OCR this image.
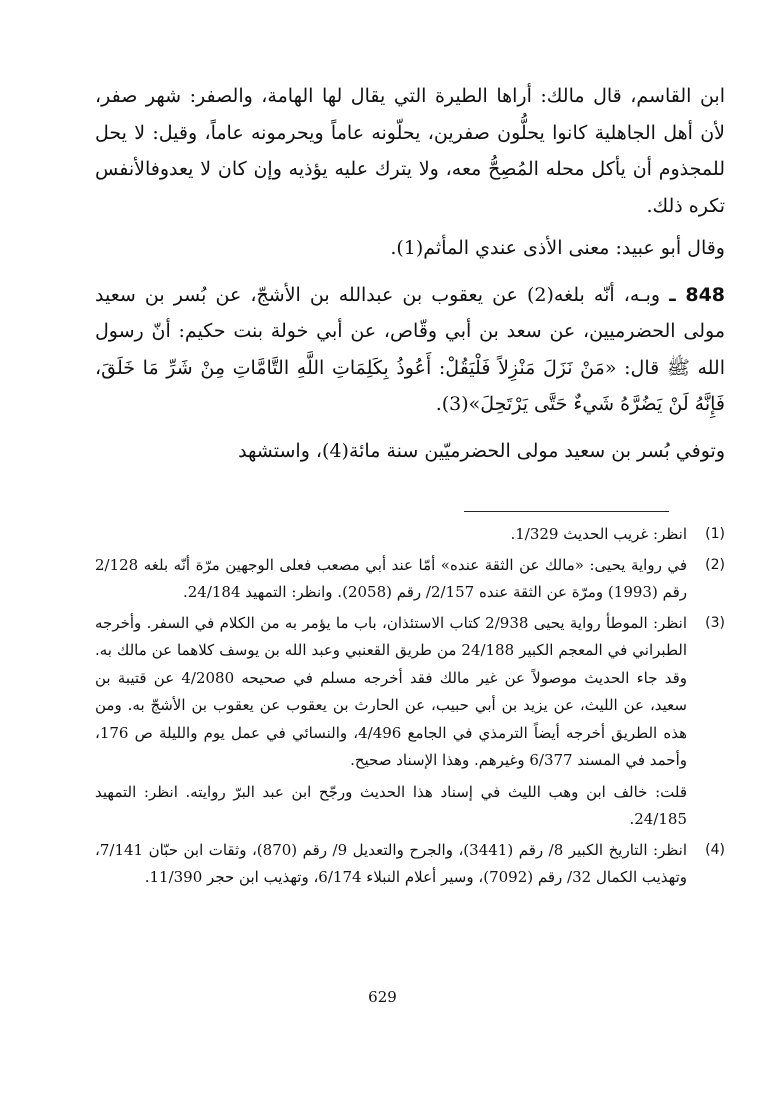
ابن القاسم، قال مالك: أراها الطيرة التي يقال لها الهامة، والصفر: شهر صفر، لأن أهل الجاهلية كانوا يحلُّون صفرين، يحلّونه عاماً ويحرمونه عاماً، وقيل: لا يحل للمجذوم أن يأكل محله المُصِحُّ معه، ولا يترك عليه يؤذيه وإن كان لا يعدوفالأنفس تكره ذلك.

وقال أبو عبيد: معنى الأذى عندي المأثم(1).

848 ـ وبـه، أنّه بلغه(2) عن يعقوب بن عبدالله بن الأشجّ، عن بُسر بن سعيد مولى الحضرميين، عن سعد بن أبي وقّاص، عن أبي خولة بنت حكيم: أنّ رسول الله ﷺ قال: «مَنْ نَزَلَ مَنْزِلاً فَلْيَقُلْ: أَعُوذُ بِكَلِمَاتِ اللَّهِ التَّامَّاتِ مِنْ شَرِّ مَا خَلَقَ، فَإِنَّهُ لَنْ يَضُرَّهُ شَيءٌ حَتَّى يَرْتَحِلَ»(3).

وتوفي بُسر بن سعيد مولى الحضرميّين سنة مائة(4)، واستشهد

(1)

انظر: غريب الحديث 1/329.

(2)

في رواية يحيى: «مالك عن الثقة عنده» أمّا عند أبي مصعب فعلى الوجهين مرّة أنّه بلغه 2/128 رقم (1993) ومرّة عن الثقة عنده 2/157/ رقم (2058). وانظر: التمهيد 24/184.

(3)

انظر: الموطأ رواية يحيى 2/938 كتاب الاستئذان، باب ما يؤمر به من الكلام في السفر. وأخرجه الطبراني في المعجم الكبير 24/188 من طريق القعنبي وعبد الله بن يوسف كلاهما عن مالك به. وقد جاء الحديث موصولاً عن غير مالك فقد أخرجه مسلم في صحيحه 4/2080 عن قتيبة بن سعيد، عن الليث، عن يزيد بن أبي حبيب، عن الحارث بن يعقوب عن يعقوب بن الأشجّ به. ومن هذه الطريق أخرجه أيضاً الترمذي في الجامع 4/496، والنسائي في عمل يوم والليلة ص 176، وأحمد في المسند 6/377 وغيرهم. وهذا الإسناد صحيح.

قلت: خالف ابن وهب الليث في إسناد هذا الحديث ورجّح ابن عبد البرّ روايته. انظر: التمهيد 24/185.

(4)

انظر: التاريخ الكبير 8/ رقم (3441)، والجرح والتعديل 9/ رقم (870)، وثقات ابن حبّان 7/141، وتهذيب الكمال 32/ رقم (7092)، وسير أعلام النبلاء 6/174، وتهذيب ابن حجر 11/390.

629
